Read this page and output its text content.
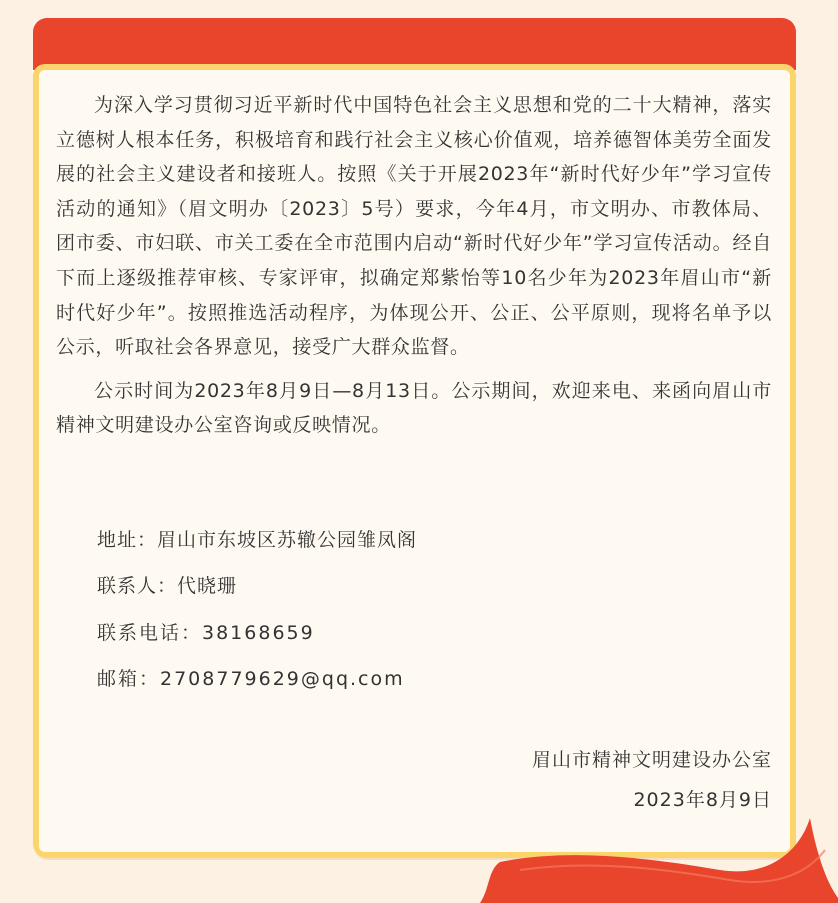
为深入学习贯彻习近平新时代中国特色社会主义思想和党的二十大精神，落实立德树人根本任务，积极培育和践行社会主义核心价值观，培养德智体美劳全面发展的社会主义建设者和接班人。按照《关于开展2023年“新时代好少年”学习宣传活动的通知》（眉文明办〔2023〕5号）要求，今年4月，市文明办、市教体局、团市委、市妇联、市关工委在全市范围内启动“新时代好少年”学习宣传活动。经自下而上逐级推荐审核、专家评审，拟确定郑紫怡等10名少年为2023年眉山市“新时代好少年”。按照推选活动程序，为体现公开、公正、公平原则，现将名单予以公示，听取社会各界意见，接受广大群众监督。

公示时间为2023年8月9日—8月13日。公示期间，欢迎来电、来函向眉山市精神文明建设办公室咨询或反映情况。

地址：眉山市东坡区苏辙公园雏凤阁
联系人：代晓珊
联系电话：38168659
邮箱：2708779629@qq.com
眉山市精神文明建设办公室
2023年8月9日
